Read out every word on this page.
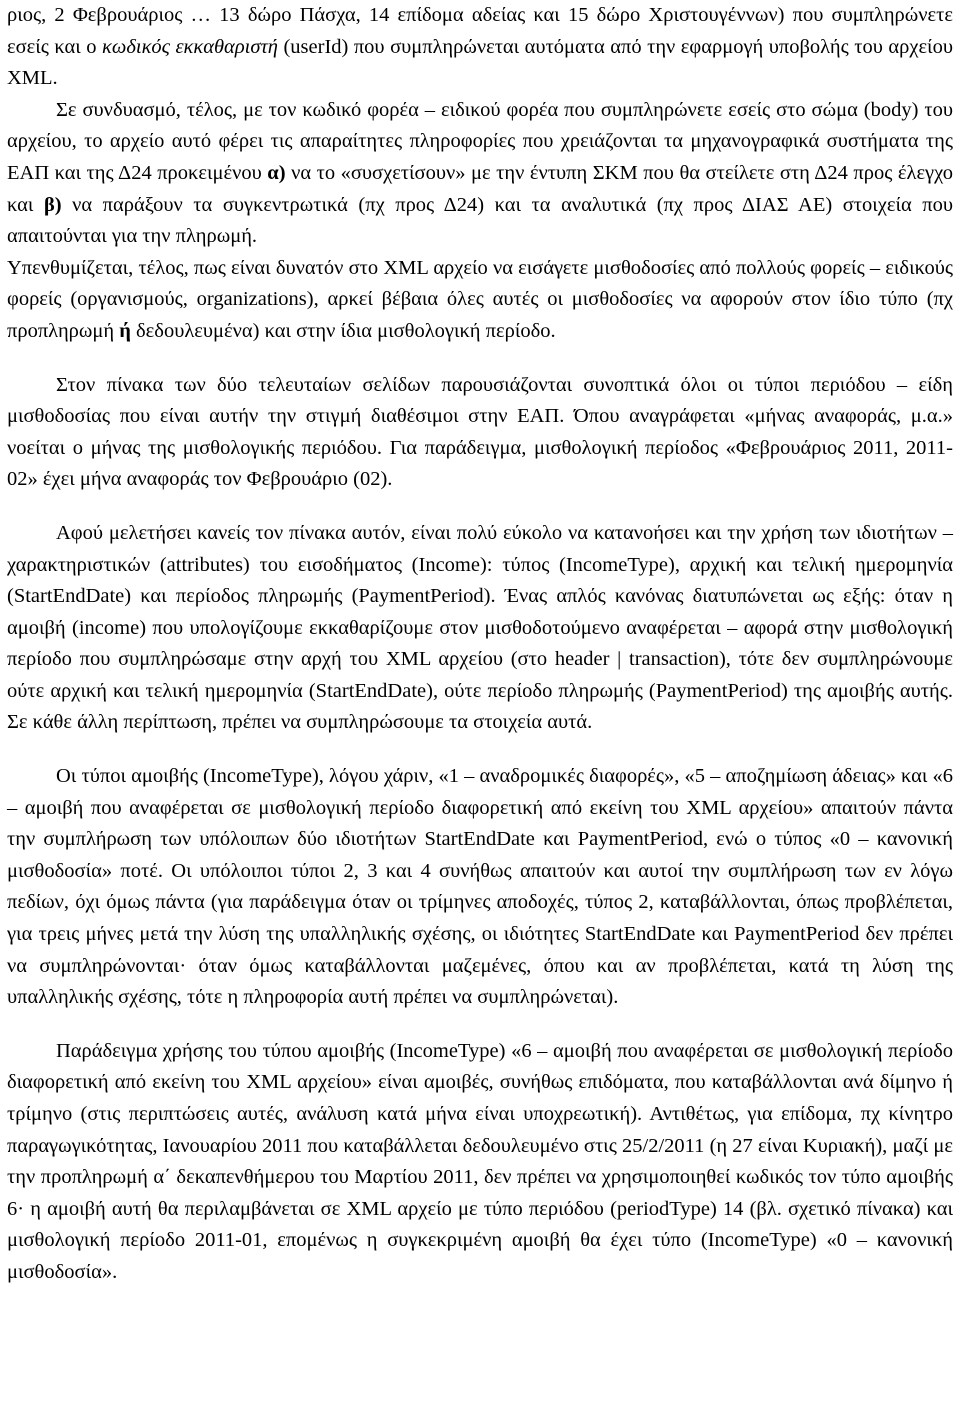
ριος, 2 Φεβρουάριος … 13 δώρο Πάσχα, 14 επίδομα αδείας και 15 δώρο Χριστουγέννων) που συμπληρώνετε εσείς και ο κωδικός εκκαθαριστή (userId) που συμπληρώνεται αυτόματα από την εφαρμογή υποβολής του αρχείου XML.

Σε συνδυασμό, τέλος, με τον κωδικό φορέα – ειδικού φορέα που συμπληρώνετε εσείς στο σώμα (body) του αρχείου, το αρχείο αυτό φέρει τις απαραίτητες πληροφορίες που χρειάζονται τα μηχανογραφικά συστήματα της ΕΑΠ και της Δ24 προκειμένου α) να το «συσχετίσουν» με την έντυπη ΣΚΜ που θα στείλετε στη Δ24 προς έλεγχο και β) να παράξουν τα συγκεντρωτικά (πχ προς Δ24) και τα αναλυτικά (πχ προς ΔΙΑΣ ΑΕ) στοιχεία που απαιτούνται για την πληρωμή.

Υπενθυμίζεται, τέλος, πως είναι δυνατόν στο XML αρχείο να εισάγετε μισθοδοσίες από πολλούς φορείς – ειδικούς φορείς (οργανισμούς, organizations), αρκεί βέβαια όλες αυτές οι μισθοδοσίες να αφορούν στον ίδιο τύπο (πχ προπληρωμή ή δεδουλευμένα) και στην ίδια μισθολογική περίοδο.

Στον πίνακα των δύο τελευταίων σελίδων παρουσιάζονται συνοπτικά όλοι οι τύποι περιόδου – είδη μισθοδοσίας που είναι αυτήν την στιγμή διαθέσιμοι στην ΕΑΠ. Όπου αναγράφεται «μήνας αναφοράς, μ.α.» νοείται ο μήνας της μισθολογικής περιόδου. Για παράδειγμα, μισθολογική περίοδος «Φεβρουάριος 2011, 2011-02» έχει μήνα αναφοράς τον Φεβρουάριο (02).

Αφού μελετήσει κανείς τον πίνακα αυτόν, είναι πολύ εύκολο να κατανοήσει και την χρήση των ιδιοτήτων – χαρακτηριστικών (attributes) του εισοδήματος (Income): τύπος (IncomeType), αρχική και τελική ημερομηνία (StartEndDate) και περίοδος πληρωμής (PaymentPeriod). Ένας απλός κανόνας διατυπώνεται ως εξής: όταν η αμοιβή (income) που υπολογίζουμε εκκαθαρίζουμε στον μισθοδοτούμενο αναφέρεται – αφορά στην μισθολογική περίοδο που συμπληρώσαμε στην αρχή του XML αρχείου (στο header | transaction), τότε δεν συμπληρώνουμε ούτε αρχική και τελική ημερομηνία (StartEndDate), ούτε περίοδο πληρωμής (PaymentPeriod) της αμοιβής αυτής. Σε κάθε άλλη περίπτωση, πρέπει να συμπληρώσουμε τα στοιχεία αυτά.

Οι τύποι αμοιβής (IncomeType), λόγου χάριν, «1 – αναδρομικές διαφορές», «5 – αποζημίωση άδειας» και «6 – αμοιβή που αναφέρεται σε μισθολογική περίοδο διαφορετική από εκείνη του XML αρχείου» απαιτούν πάντα την συμπλήρωση των υπόλοιπων δύο ιδιοτήτων StartEndDate και PaymentPeriod, ενώ ο τύπος «0 – κανονική μισθοδοσία» ποτέ. Οι υπόλοιποι τύποι 2, 3 και 4 συνήθως απαιτούν και αυτοί την συμπλήρωση των εν λόγω πεδίων, όχι όμως πάντα (για παράδειγμα όταν οι τρίμηνες αποδοχές, τύπος 2, καταβάλλονται, όπως προβλέπεται, για τρεις μήνες μετά την λύση της υπαλληλικής σχέσης, οι ιδιότητες StartEndDate και PaymentPeriod δεν πρέπει να συμπληρώνονται· όταν όμως καταβάλλονται μαζεμένες, όπου και αν προβλέπεται, κατά τη λύση της υπαλληλικής σχέσης, τότε η πληροφορία αυτή πρέπει να συμπληρώνεται).

Παράδειγμα χρήσης του τύπου αμοιβής (IncomeType) «6 – αμοιβή που αναφέρεται σε μισθολογική περίοδο διαφορετική από εκείνη του XML αρχείου» είναι αμοιβές, συνήθως επιδόματα, που καταβάλλονται ανά δίμηνο ή τρίμηνο (στις περιπτώσεις αυτές, ανάλυση κατά μήνα είναι υποχρεωτική). Αντιθέτως, για επίδομα, πχ κίνητρο παραγωγικότητας, Ιανουαρίου 2011 που καταβάλλεται δεδουλευμένο στις 25/2/2011 (η 27 είναι Κυριακή), μαζί με την προπληρωμή α΄ δεκαπενθήμερου του Μαρτίου 2011, δεν πρέπει να χρησιμοποιηθεί κωδικός τον τύπο αμοιβής 6· η αμοιβή αυτή θα περιλαμβάνεται σε XML αρχείο με τύπο περιόδου (periodType) 14 (βλ. σχετικό πίνακα) και μισθολογική περίοδο 2011-01, επομένως η συγκεκριμένη αμοιβή θα έχει τύπο (IncomeType) «0 – κανονική μισθοδοσία».
